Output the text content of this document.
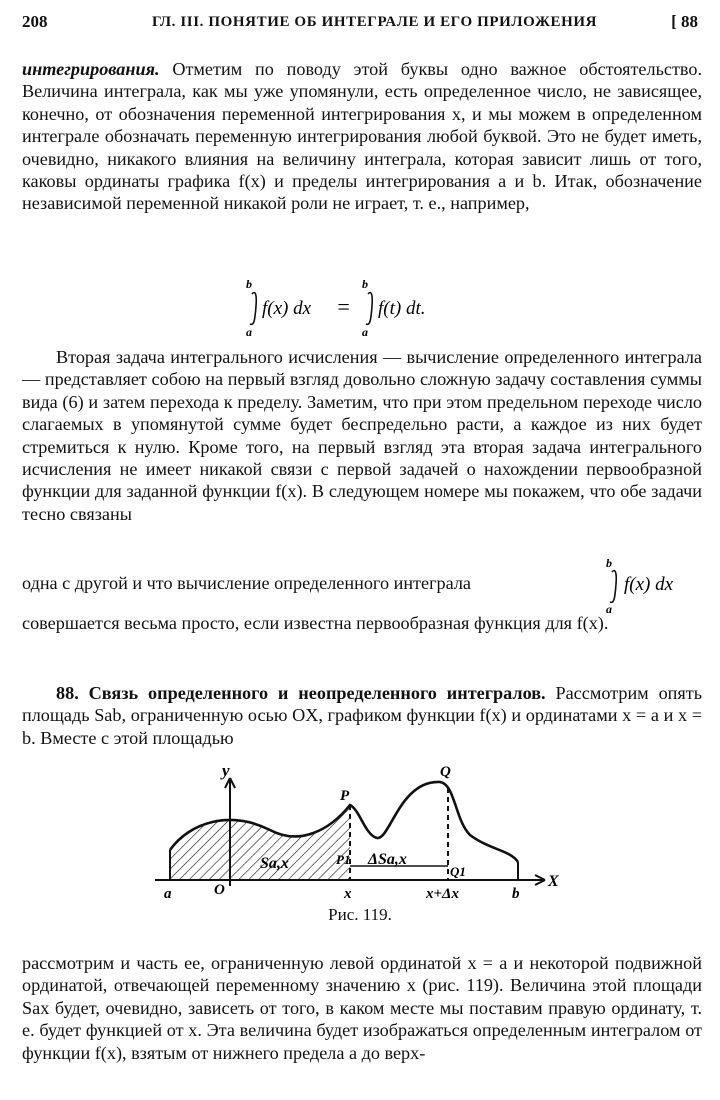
208	ГЛ. III. ПОНЯТИЕ ОБ ИНТЕГРАЛЕ И ЕГО ПРИЛОЖЕНИЯ	[ 88

интегрирования. Отметим по поводу этой буквы одно важное обстоятельство. Величина интеграла, как мы уже упомянули, есть определенное число, не зависящее, конечно, от обозначения переменной интегрирования x, и мы можем в определенном интеграле обозначать переменную интегрирования любой буквой. Это не будет иметь, очевидно, никакого влияния на величину интеграла, которая зависит лишь от того, каковы ординаты графика f(x) и пределы интегрирования a и b. Итак, обозначение независимой переменной никакой роли не играет, т. е., например,

b
a
f(x) dx =
b
a
f(t) dt.

Вторая задача интегрального исчисления — вычисление определенного интеграла — представляет собою на первый взгляд довольно сложную задачу составления суммы вида (6) и затем перехода к пределу. Заметим, что при этом предельном переходе число слагаемых в упомянутой сумме будет беспредельно расти, а каждое из них будет стремиться к нулю. Кроме того, на первый взгляд эта вторая задача интегрального исчисления не имеет никакой связи с первой задачей о нахождении первообразной функции для заданной функции f(x). В следующем номере мы покажем, что обе задачи тесно связаны

одна с другой и что вычисление определенного интеграла

b
a
f(x) dx

совершается весьма просто, если известна первообразная функция для f(x).

88. Связь определенного и неопределенного интегралов. Рассмотрим опять площадь Sab, ограниченную осью OX, графиком функции f(x) и ординатами x = a и x = b. Вместе с этой площадью

y
X
P
Q
P1
Q1
Sa,x	ΔSa,x
a	O	x	x+Δx	b
Рис. 119.

рассмотрим и часть ее, ограниченную левой ординатой x = a и некоторой подвижной ординатой, отвечающей переменному значению x (рис. 119). Величина этой площади Sax будет, очевидно, зависеть от того, в каком месте мы поставим правую ординату, т. е. будет функцией от x. Эта величина будет изображаться определенным интегралом от функции f(x), взятым от нижнего предела a до верх-
